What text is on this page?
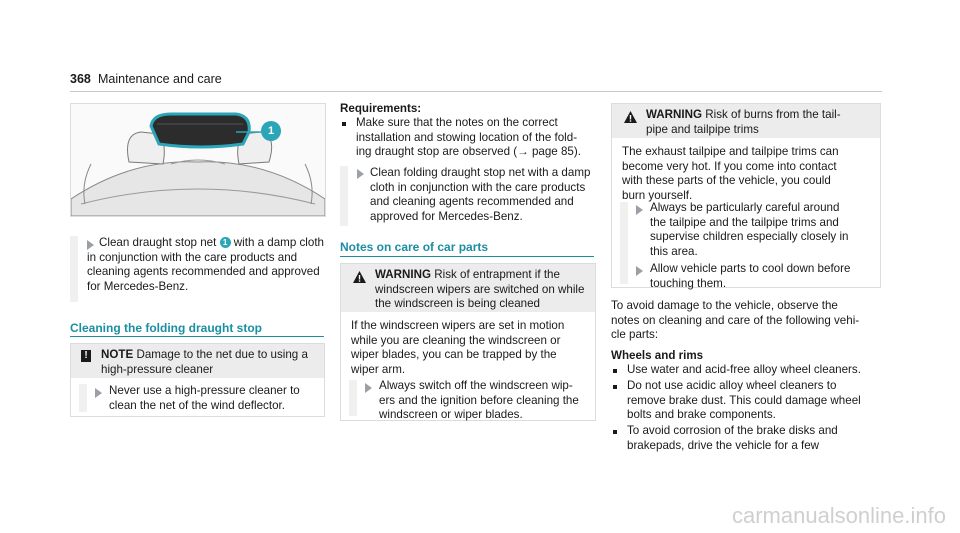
368 Maintenance and care
1
Clean draught stop net 1 with a damp cloth
in conjunction with the care products and
cleaning agents recommended and approved
for Mercedes-Benz.
Cleaning the folding draught stop
! NOTE Damage to the net due to using a
high-pressure cleaner
Never use a high-pressure cleaner to
clean the net of the wind deflector.
Requirements:
Make sure that the notes on the correct
installation and stowing location of the fold-
ing draught stop are observed (→ page 85).
Clean folding draught stop net with a damp
cloth in conjunction with the care products
and cleaning agents recommended and
approved for Mercedes-Benz.
Notes on care of car parts
WARNING Risk of entrapment if the
windscreen wipers are switched on while
the windscreen is being cleaned
If the windscreen wipers are set in motion
while you are cleaning the windscreen or
wiper blades, you can be trapped by the
wiper arm.
Always switch off the windscreen wip-
ers and the ignition before cleaning the
windscreen or wiper blades.
WARNING Risk of burns from the tail-
pipe and tailpipe trims
The exhaust tailpipe and tailpipe trims can
become very hot. If you come into contact
with these parts of the vehicle, you could
burn yourself.
Always be particularly careful around
the tailpipe and the tailpipe trims and
supervise children especially closely in
this area.
Allow vehicle parts to cool down before
touching them.
To avoid damage to the vehicle, observe the
notes on cleaning and care of the following vehi-
cle parts:
Wheels and rims
Use water and acid-free alloy wheel cleaners.
Do not use acidic alloy wheel cleaners to
remove brake dust. This could damage wheel
bolts and brake components.
To avoid corrosion of the brake disks and
brakepads, drive the vehicle for a few
carmanualsonline.info
